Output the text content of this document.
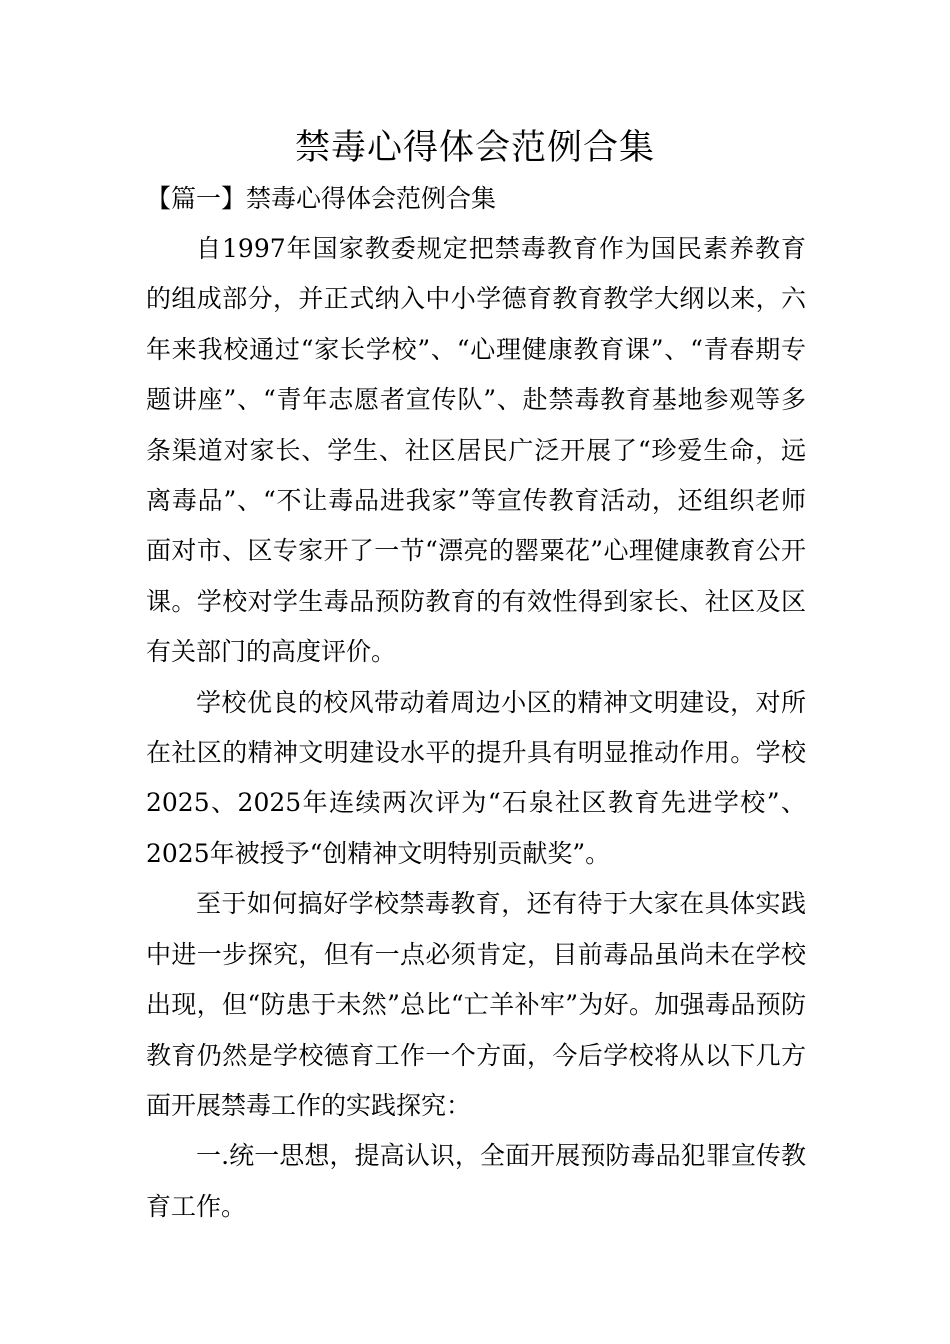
禁毒心得体会范例合集
【篇一】禁毒心得体会范例合集

自1997年国家教委规定把禁毒教育作为国民素养教育的组成部分，并正式纳入中小学德育教育教学大纲以来，六年来我校通过“家长学校”、“心理健康教育课”、“青春期专题讲座”、“青年志愿者宣传队”、赴禁毒教育基地参观等多条渠道对家长、学生、社区居民广泛开展了“珍爱生命，远离毒品”、“不让毒品进我家”等宣传教育活动，还组织老师面对市、区专家开了一节“漂亮的罂粟花”心理健康教育公开课。学校对学生毒品预防教育的有效性得到家长、社区及区有关部门的高度评价。

学校优良的校风带动着周边小区的精神文明建设，对所在社区的精神文明建设水平的提升具有明显推动作用。学校2025、2025年连续两次评为“石泉社区教育先进学校”、2025年被授予“创精神文明特别贡献奖”。

至于如何搞好学校禁毒教育，还有待于大家在具体实践中进一步探究，但有一点必须肯定，目前毒品虽尚未在学校出现，但“防患于未然”总比“亡羊补牢”为好。加强毒品预防教育仍然是学校德育工作一个方面，今后学校将从以下几方面开展禁毒工作的实践探究：

一.统一思想，提高认识，全面开展预防毒品犯罪宣传教育工作。
